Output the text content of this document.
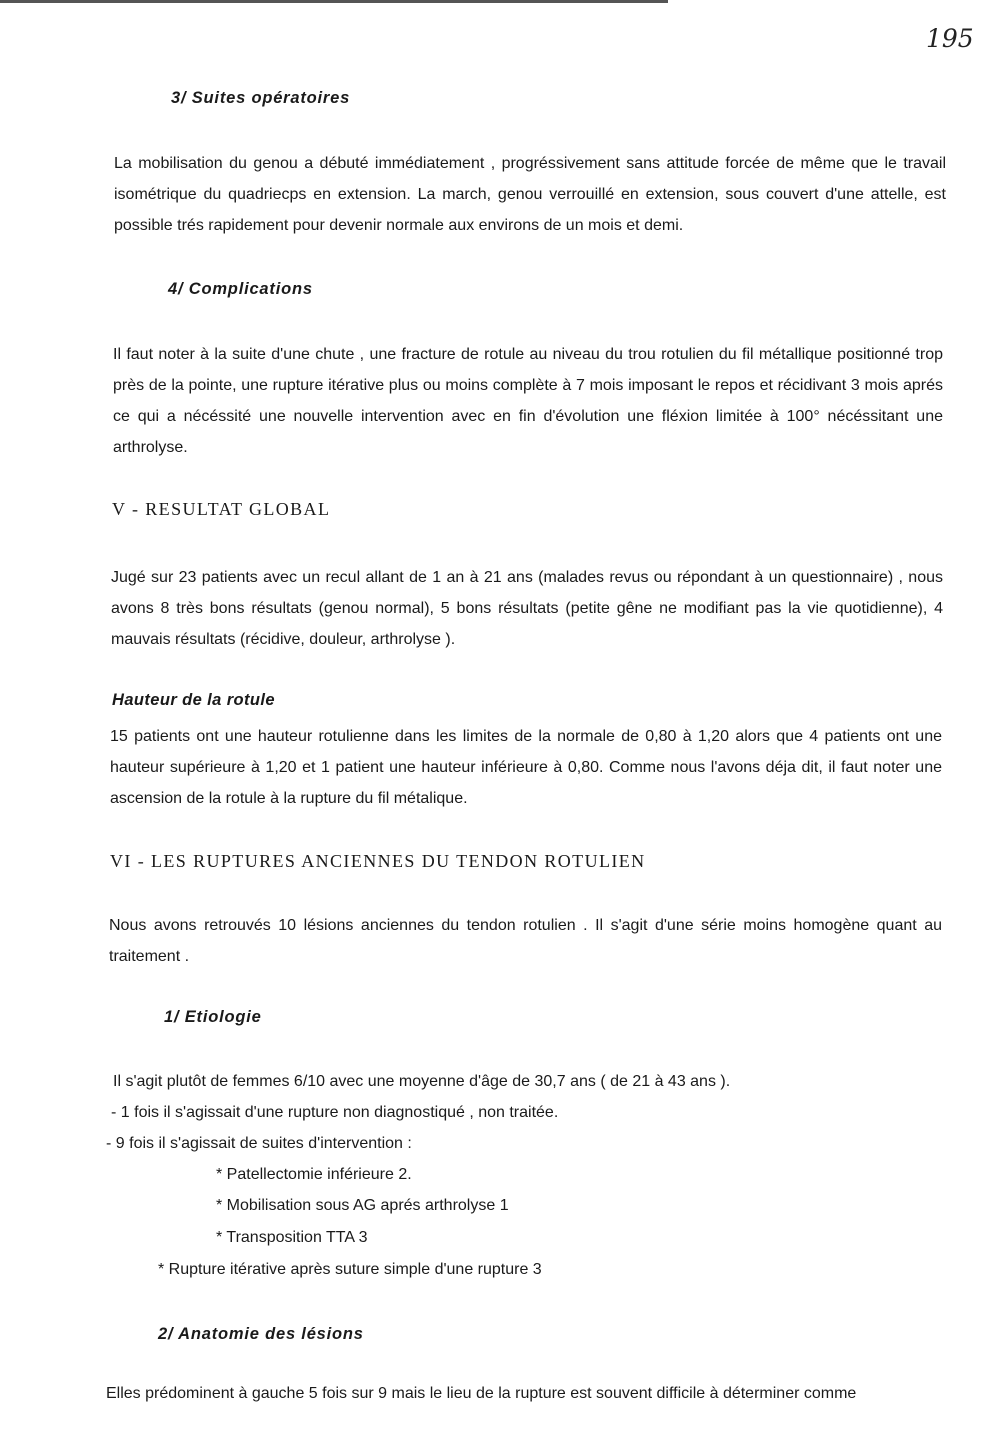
195
3/ Suites opératoires

La mobilisation du genou a débuté immédiatement , progréssivement sans attitude forcée de même que le travail isométrique du quadriecps en extension. La march, genou verrouillé en extension, sous couvert d'une attelle, est possible trés rapidement pour devenir normale aux environs de un mois et demi.

4/ Complications

Il faut noter à la suite d'une chute , une fracture de rotule au niveau du trou rotulien du fil métallique positionné trop près de la pointe, une rupture itérative plus ou moins complète à 7 mois imposant le repos et récidivant 3 mois aprés ce qui a nécéssité une nouvelle intervention avec en fin d'évolution une fléxion limitée à 100° nécéssitant une arthrolyse.

V - RESULTAT GLOBAL

Jugé sur 23 patients avec un recul allant de 1 an à 21 ans (malades revus ou répondant à un questionnaire) , nous avons 8 très bons résultats (genou normal), 5 bons résultats (petite gêne ne modifiant pas la vie quotidienne), 4 mauvais résultats (récidive, douleur, arthrolyse ).

Hauteur de la rotule

15 patients ont une hauteur rotulienne dans les limites de la normale de 0,80 à 1,20 alors que 4 patients ont une hauteur supérieure à 1,20 et 1 patient une hauteur inférieure à 0,80. Comme nous l'avons déja dit, il faut noter une ascension de la rotule à la rupture du fil métalique.

VI - LES RUPTURES ANCIENNES DU TENDON ROTULIEN

Nous avons retrouvés 10 lésions anciennes du tendon rotulien . Il s'agit d'une série moins homogène quant au traitement .

1/ Etiologie

Il s'agit plutôt de femmes 6/10 avec une moyenne d'âge de 30,7 ans ( de 21 à 43 ans ).

- 1 fois il s'agissait d'une rupture non diagnostiqué , non traitée.

- 9 fois il s'agissait de suites d'intervention :

* Patellectomie inférieure 2.

* Mobilisation sous AG aprés arthrolyse 1

* Transposition TTA 3

* Rupture itérative après suture simple d'une rupture 3

2/ Anatomie des lésions

Elles prédominent à gauche 5 fois sur 9 mais le lieu de la rupture est souvent difficile à déterminer comme
